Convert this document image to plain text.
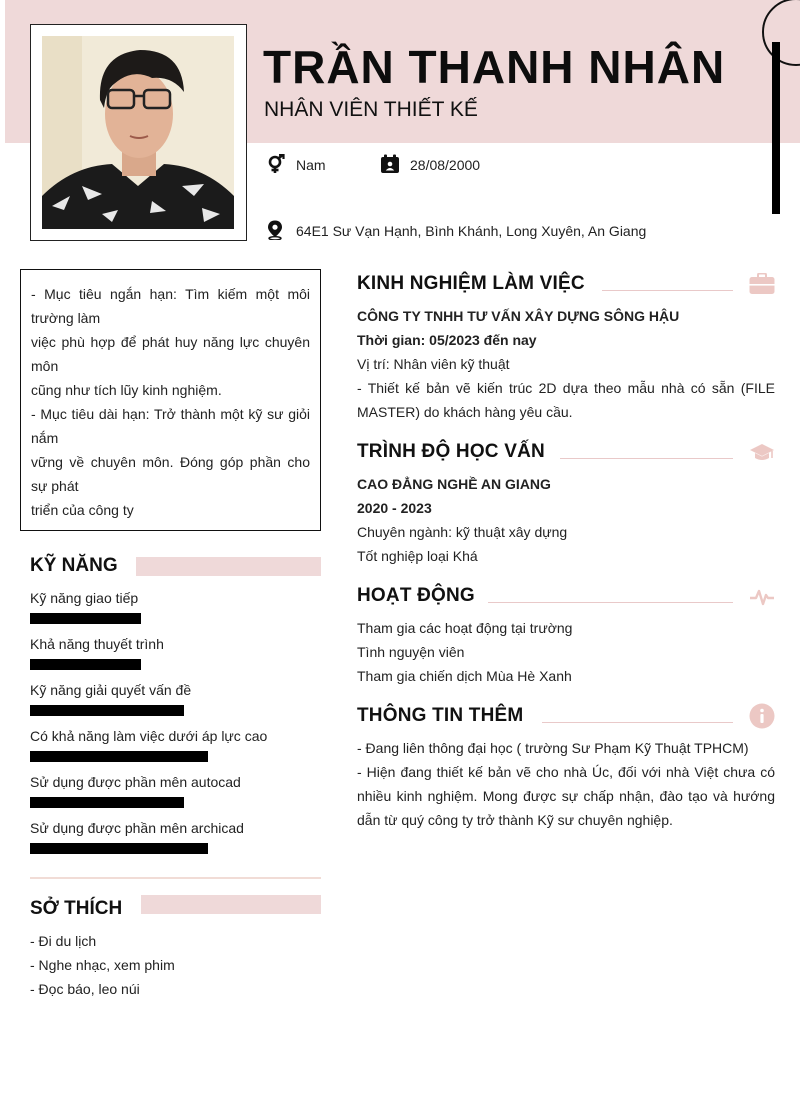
TRẦN THANH NHÂN
NHÂN VIÊN THIẾT KẾ
Nam	28/08/2000
64E1 Sư Vạn Hạnh, Bình Khánh, Long Xuyên, An Giang

- Mục tiêu ngắn hạn: Tìm kiếm một môi trường làm

việc phù hợp để phát huy năng lực chuyên môn

cũng như tích lũy kinh nghiệm.

- Mục tiêu dài hạn: Trở thành một kỹ sư giỏi nắm

vững về chuyên môn. Đóng góp phần cho sự phát

triển của công ty

KỸ NĂNG
Kỹ năng giao tiếp
Khả năng thuyết trình
Kỹ năng giải quyết vấn đề
Có khả năng làm việc dưới áp lực cao
Sử dụng được phần mên autocad
Sử dụng được phần mên archicad
SỞ THÍCH
- Đi du lịch
- Nghe nhạc, xem phim
- Đọc báo, leo núi
KINH NGHIỆM LÀM VIỆC
CÔNG TY TNHH TƯ VẤN XÂY DỰNG SÔNG HẬU
Thời gian: 05/2023 đến nay
Vị trí: Nhân viên kỹ thuật
- Thiết kế bản vẽ kiến trúc 2D dựa theo mẫu nhà có sẵn (FILE MASTER) do khách hàng yêu cầu.
TRÌNH ĐỘ HỌC VẤN
CAO ĐẲNG NGHỀ AN GIANG
2020 - 2023
Chuyên ngành: kỹ thuật xây dựng
Tốt nghiệp loại Khá
HOẠT ĐỘNG
Tham gia các hoạt động tại trường
Tình nguyện viên
Tham gia chiến dịch Mùa Hè Xanh
THÔNG TIN THÊM
- Đang liên thông đại học ( trường Sư Phạm Kỹ Thuật TPHCM)
- Hiện đang thiết kế bản vẽ cho nhà Úc, đối với nhà Việt chưa có nhiều kinh nghiệm. Mong được sự chấp nhận, đào tạo và hướng dẫn từ quý công ty trở thành Kỹ sư chuyên nghiệp.
